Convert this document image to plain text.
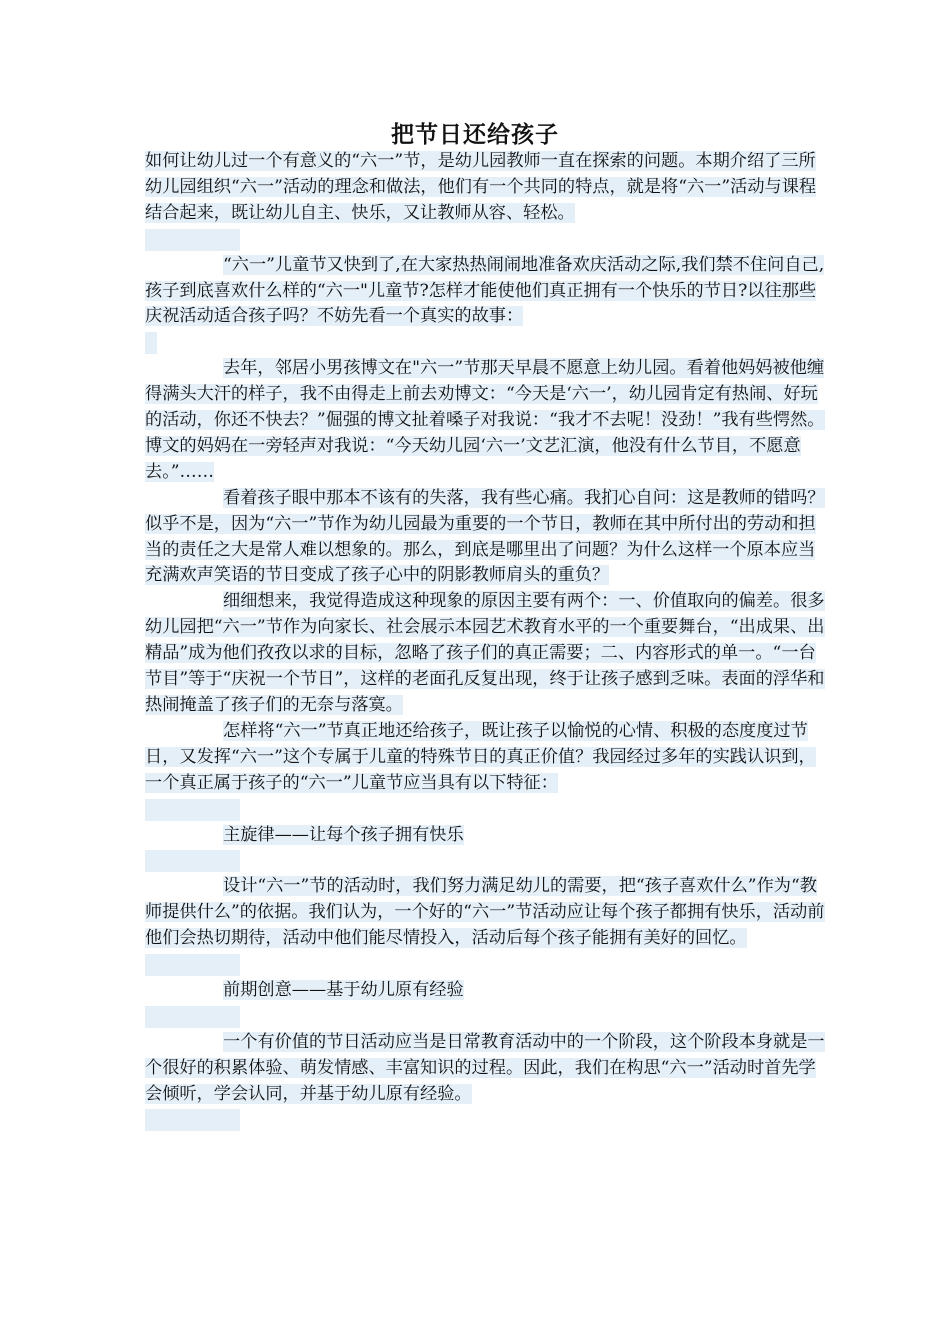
把节日还给孩子

如何让幼儿过一个有意义的“六一”节，是幼儿园教师一直在探索的问题。本期介绍了三所幼儿园组织“六一”活动的理念和做法，他们有一个共同的特点，就是将“六一”活动与课程结合起来，既让幼儿自主、快乐，又让教师从容、轻松。

“六一”儿童节又快到了,在大家热热闹闹地准备欢庆活动之际,我们禁不住问自己,孩子到底喜欢什么样的“六一"儿童节?怎样才能使他们真正拥有一个快乐的节日?以往那些庆祝活动适合孩子吗？不妨先看一个真实的故事：

去年，邻居小男孩博文在"六一”节那天早晨不愿意上幼儿园。看着他妈妈被他缠得满头大汗的样子，我不由得走上前去劝博文：“今天是‘六一’，幼儿园肯定有热闹、好玩的活动，你还不快去？”倔强的博文扯着嗓子对我说：“我才不去呢！没劲！”我有些愕然。博文的妈妈在一旁轻声对我说：“今天幼儿园‘六一’文艺汇演，他没有什么节目，不愿意去。”……

看着孩子眼中那本不该有的失落，我有些心痛。我扪心自问：这是教师的错吗？似乎不是，因为“六一”节作为幼儿园最为重要的一个节日，教师在其中所付出的劳动和担当的责任之大是常人难以想象的。那么，到底是哪里出了问题？为什么这样一个原本应当充满欢声笑语的节日变成了孩子心中的阴影教师肩头的重负？

细细想来，我觉得造成这种现象的原因主要有两个：一、价值取向的偏差。很多幼儿园把“六一”节作为向家长、社会展示本园艺术教育水平的一个重要舞台，“出成果、出精品”成为他们孜孜以求的目标，忽略了孩子们的真正需要；二、内容形式的单一。“一台节目”等于“庆祝一个节日”，这样的老面孔反复出现，终于让孩子感到乏味。表面的浮华和热闹掩盖了孩子们的无奈与落寞。

怎样将“六一”节真正地还给孩子，既让孩子以愉悦的心情、积极的态度度过节日，又发挥“六一”这个专属于儿童的特殊节日的真正价值？我园经过多年的实践认识到，一个真正属于孩子的“六一”儿童节应当具有以下特征：

主旋律——让每个孩子拥有快乐

设计“六一”节的活动时，我们努力满足幼儿的需要，把“孩子喜欢什么”作为“教师提供什么”的依据。我们认为，一个好的“六一”节活动应让每个孩子都拥有快乐，活动前他们会热切期待，活动中他们能尽情投入，活动后每个孩子能拥有美好的回忆。

前期创意——基于幼儿原有经验

一个有价值的节日活动应当是日常教育活动中的一个阶段，这个阶段本身就是一个很好的积累体验、萌发情感、丰富知识的过程。因此，我们在构思“六一”活动时首先学会倾听，学会认同，并基于幼儿原有经验。
